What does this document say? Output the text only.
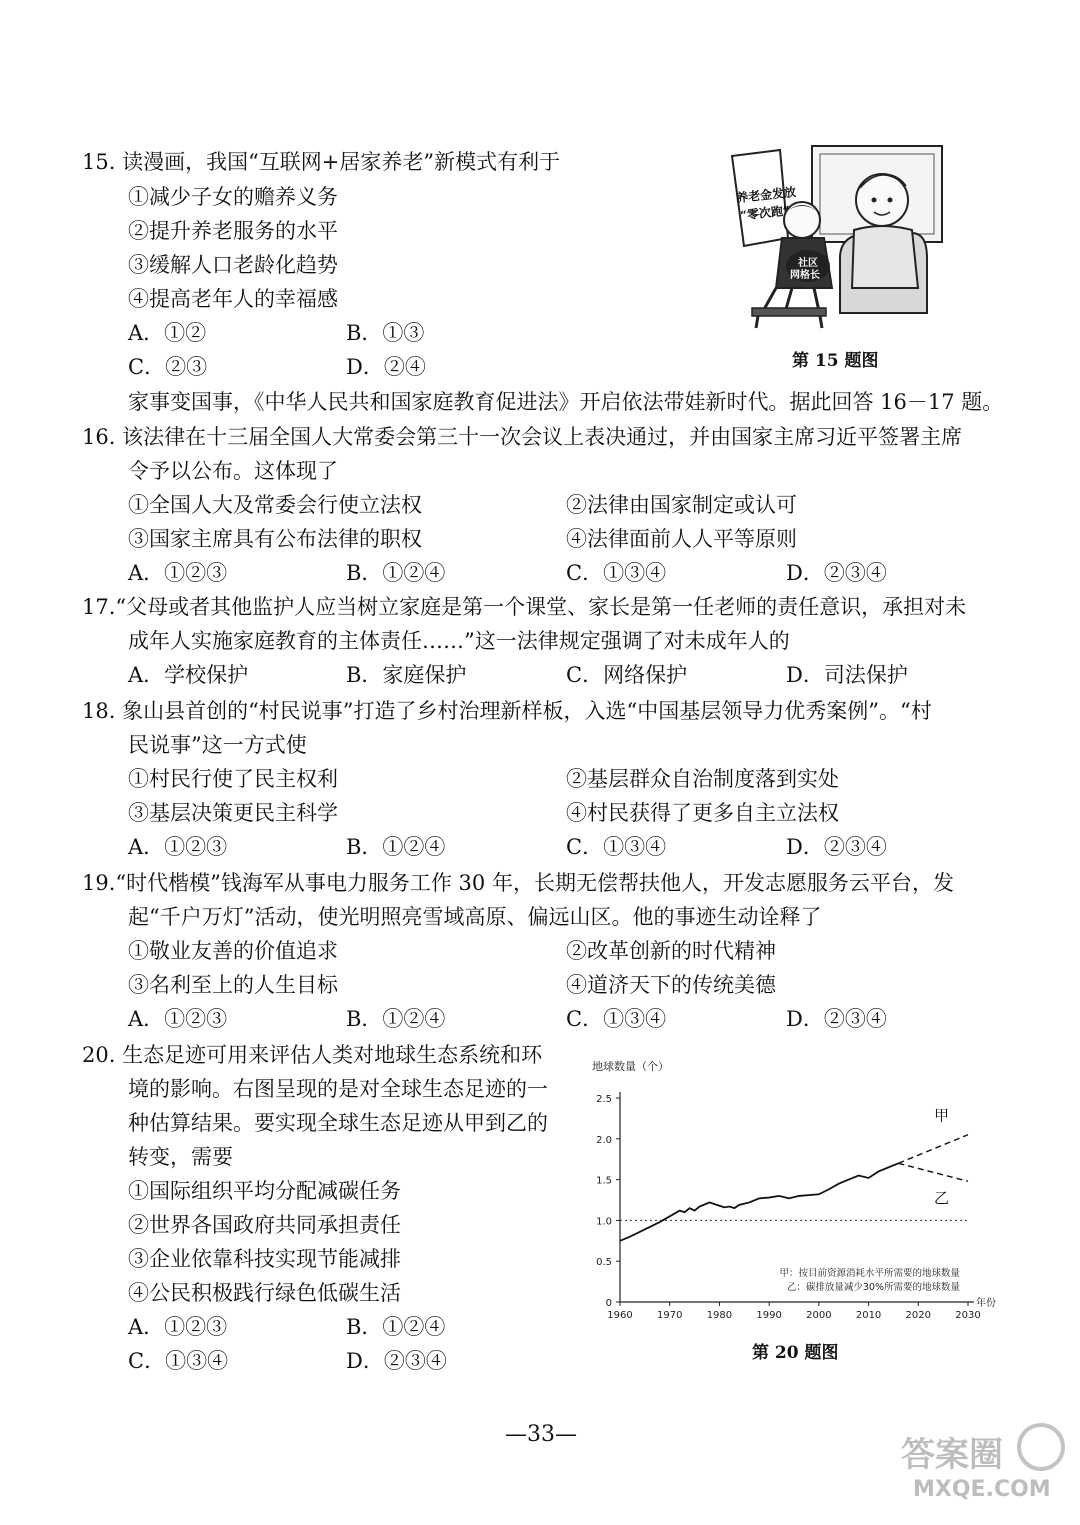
15. 读漫画，我国“互联网+居家养老”新模式有利于
①减少子女的赡养义务
②提升养老服务的水平
③缓解人口老龄化趋势
④提高老年人的幸福感
A．①②	B．①③
C．②③	D．②④
养老金发放
“零次跑”
社区
网格长
第 15 题图
家事变国事，《中华人民共和国家庭教育促进法》开启依法带娃新时代。据此回答 16－17 题。
16. 该法律在十三届全国人大常委会第三十一次会议上表决通过，并由国家主席习近平签署主席
令予以公布。这体现了
①全国人大及常委会行使立法权	②法律由国家制定或认可
③国家主席具有公布法律的职权	④法律面前人人平等原则
A．①②③	B．①②④	C．①③④	D．②③④
17.“父母或者其他监护人应当树立家庭是第一个课堂、家长是第一任老师的责任意识，承担对未
成年人实施家庭教育的主体责任……”这一法律规定强调了对未成年人的
A．学校保护	B．家庭保护	C．网络保护	D．司法保护
18. 象山县首创的“村民说事”打造了乡村治理新样板，入选“中国基层领导力优秀案例”。“村
民说事”这一方式使
①村民行使了民主权利	②基层群众自治制度落到实处
③基层决策更民主科学	④村民获得了更多自主立法权
A．①②③	B．①②④	C．①③④	D．②③④
19.“时代楷模”钱海军从事电力服务工作 30 年，长期无偿帮扶他人，开发志愿服务云平台，发
起“千户万灯”活动，使光明照亮雪域高原、偏远山区。他的事迹生动诠释了
①敬业友善的价值追求	②改革创新的时代精神
③名利至上的人生目标	④道济天下的传统美德
A．①②③	B．①②④	C．①③④	D．②③④
20. 生态足迹可用来评估人类对地球生态系统和环
境的影响。右图呈现的是对全球生态足迹的一
种估算结果。要实现全球生态足迹从甲到乙的
转变，需要
①国际组织平均分配减碳任务
②世界各国政府共同承担责任
③企业依靠科技实现节能减排
④公民积极践行绿色低碳生活
A．①②③	B．①②④
C．①③④	D．②③④
地球数量（个）
年份
0
0.5
1.0
1.5
2.0
2.5
1960 1970 1980 1990 2000 2010 2020 2030
甲
乙
甲：按目前资源消耗水平所需要的地球数量
乙：碳排放量减少30%所需要的地球数量
第 20 题图
—33—
答案圈
MXQE.COM
